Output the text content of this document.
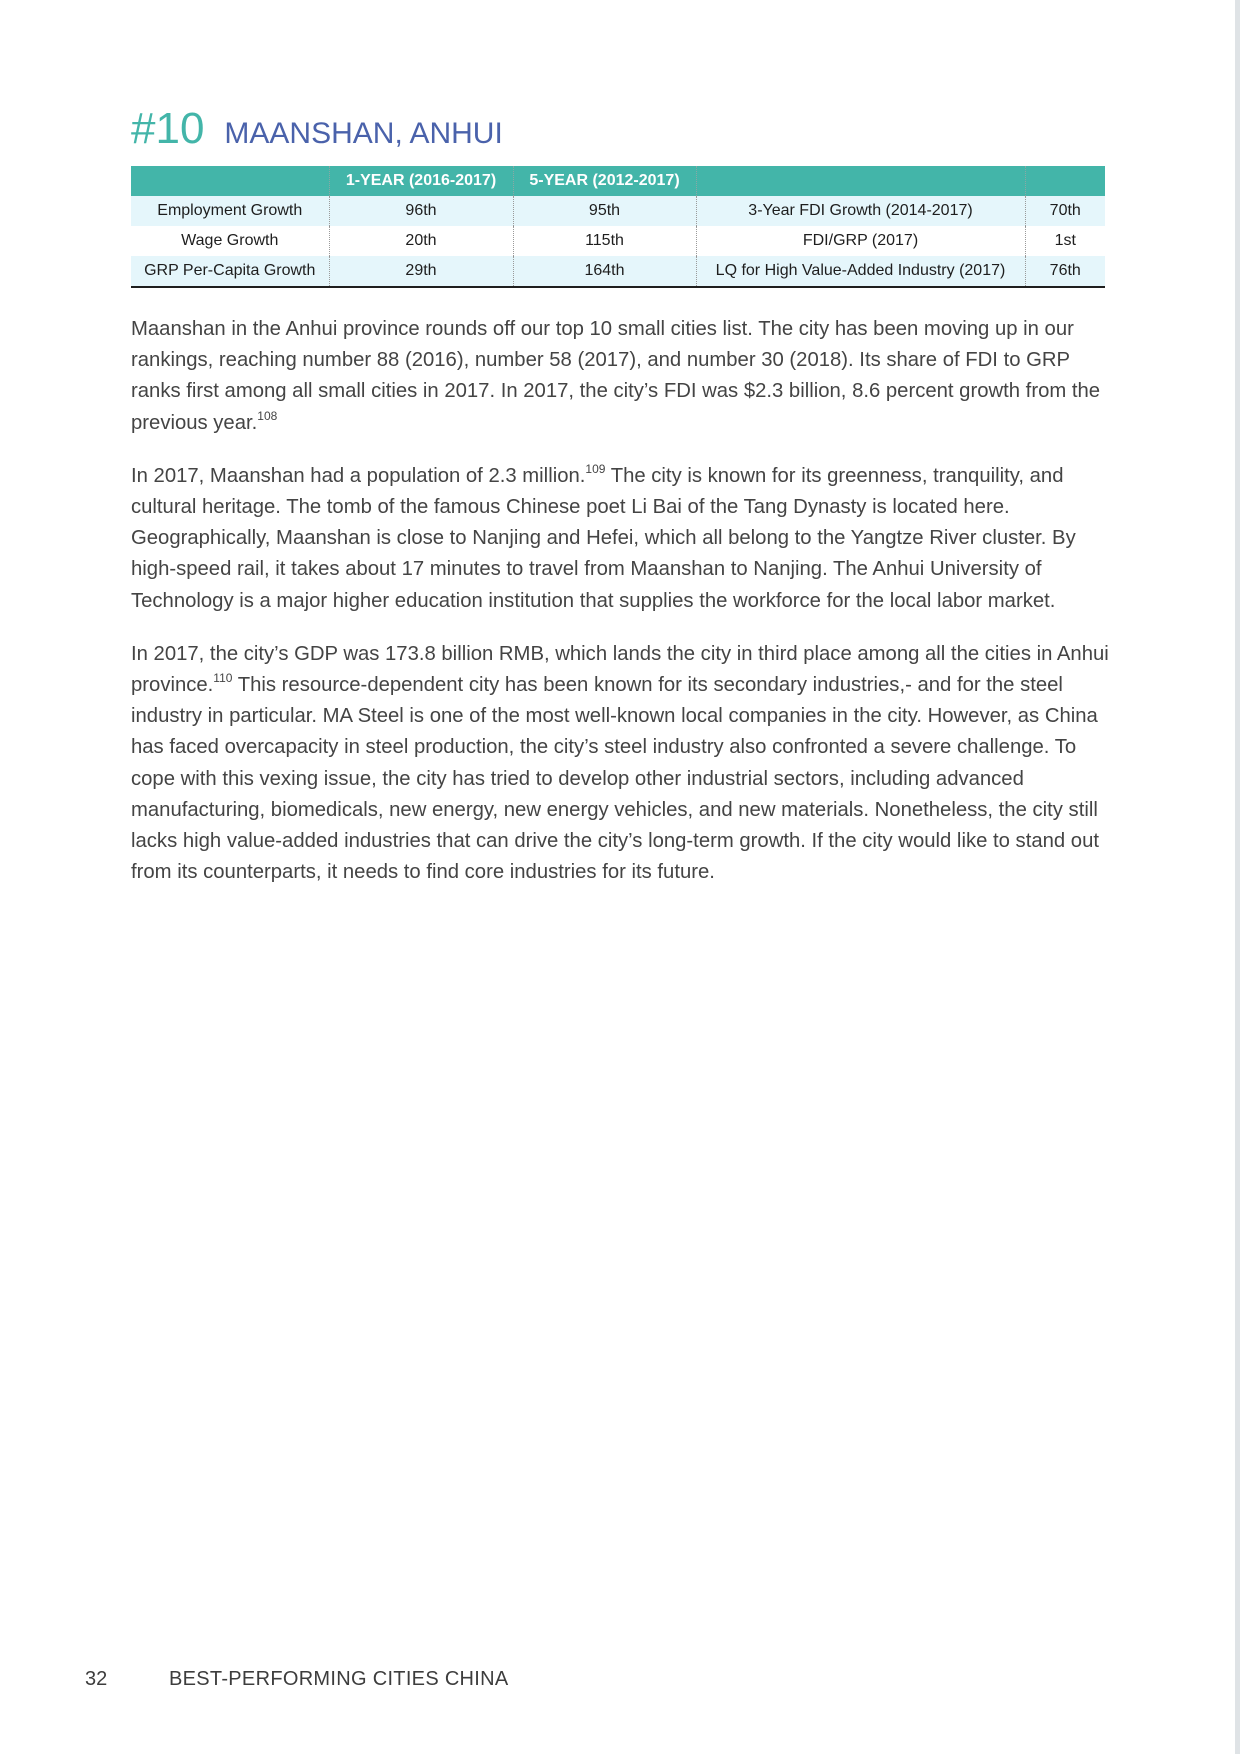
#10 MAANSHAN, ANHUI
	1-YEAR (2016-2017)	5-YEAR (2012-2017)		
Employment Growth	96th	95th	3-Year FDI Growth (2014-2017)	70th
Wage Growth	20th	115th	FDI/GRP (2017)	1st
GRP Per-Capita Growth	29th	164th	LQ for High Value-Added Industry (2017)	76th

Maanshan in the Anhui province rounds off our top 10 small cities list. The city has been moving up in our rankings, reaching number 88 (2016), number 58 (2017), and number 30 (2018). Its share of FDI to GRP ranks first among all small cities in 2017. In 2017, the city’s FDI was $2.3 billion, 8.6 percent growth from the previous year.$^{108}$

In 2017, Maanshan had a population of 2.3 million.$^{109}$ The city is known for its greenness, tranquility, and cultural heritage. The tomb of the famous Chinese poet Li Bai of the Tang Dynasty is located here. Geographically, Maanshan is close to Nanjing and Hefei, which all belong to the Yangtze River cluster. By high-speed rail, it takes about 17 minutes to travel from Maanshan to Nanjing. The Anhui University of Technology is a major higher education institution that supplies the workforce for the local labor market.

In 2017, the city’s GDP was 173.8 billion RMB, which lands the city in third place among all the cities in Anhui province.$^{110}$ This resource-dependent city has been known for its secondary industries,- and for the steel industry in particular. MA Steel is one of the most well-known local companies in the city. However, as China has faced overcapacity in steel production, the city’s steel industry also confronted a severe challenge. To cope with this vexing issue, the city has tried to develop other industrial sectors, including advanced manufacturing, biomedicals, new energy, new energy vehicles, and new materials. Nonetheless, the city still lacks high value-added industries that can drive the city’s long-term growth. If the city would like to stand out from its counterparts, it needs to find core industries for its future.

32	BEST-PERFORMING CITIES CHINA
